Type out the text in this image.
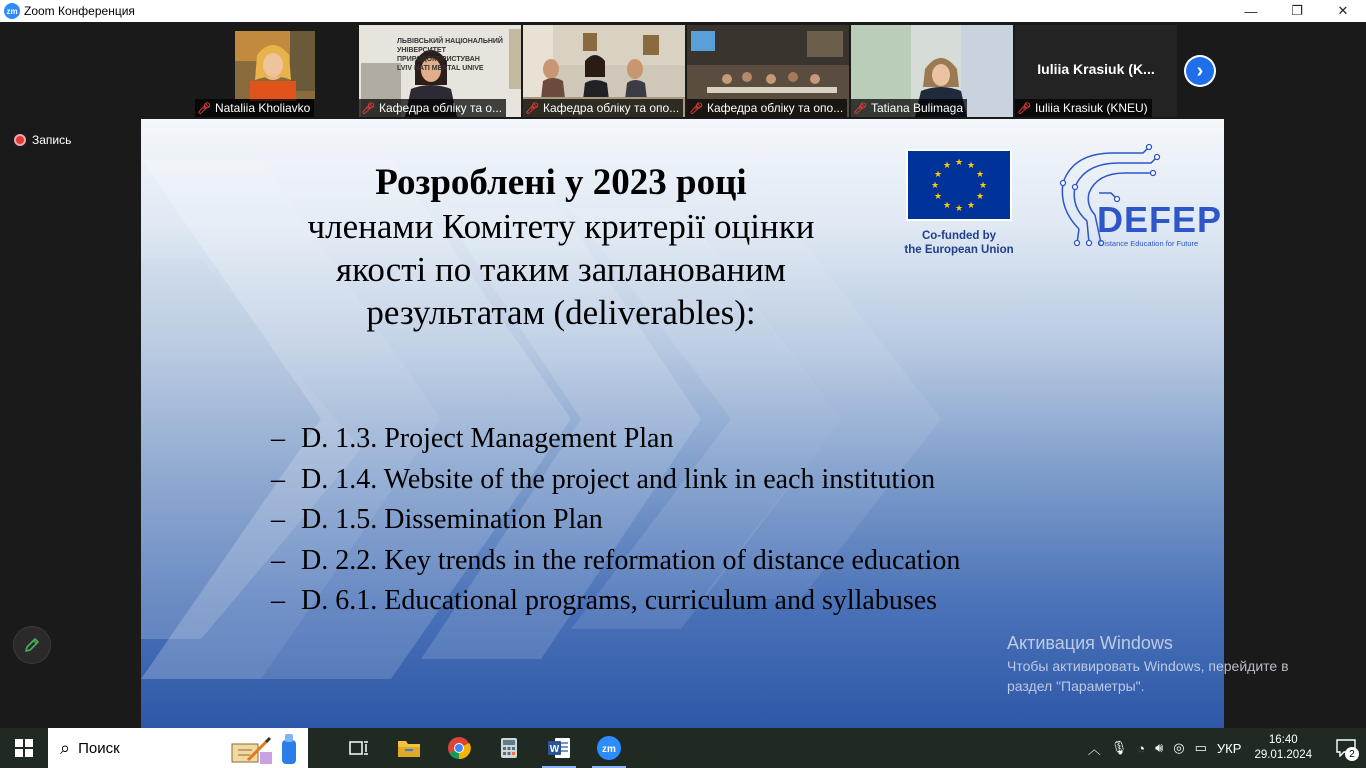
zm Zoom Конференция	—	❐	✕
🎤︎ Nataliia Kholiavko
ЛЬВІВСЬКИЙ НАЦІОНАЛЬНИЙ
УНІВЕРСИТЕТ ПРИРОДОКОРИСТУВАН
LVIV NATI MENTAL UNIVE
🎤︎ Кафедра обліку та о... 🎤︎ Кафедра обліку та опо... 🎤︎ Кафедра обліку та опо... 🎤︎ Tatiana Bulimaga
Iuliia Krasiuk (K...
🎤︎ Iuliia Krasiuk (KNEU)
›
Запись
Розроблені у 2023 році
членами Комітету критерії оцінки
якості по таким запланованим
результатам (deliverables):
★ ★
★
★
★
★
★
★
★
★
★
★
Co-funded by
the European Union
DEFEP
Distance Education for Future
– D. 1.3. Project Management Plan
– D. 1.4. Website of the project and link in each institution
– D. 1.5. Dissemination Plan
– D. 2.2. Key trends in the reformation of distance education
– D. 6.1. Educational programs, curriculum and syllabuses
Активация Windows
Чтобы активировать Windows, перейдите в
раздел "Параметры".
⌕ Поиск	W	zm	︿ 🎙︎ ◔ 🔊︎ ◎ ▭ УКР
16:40
29.01.2024	2
